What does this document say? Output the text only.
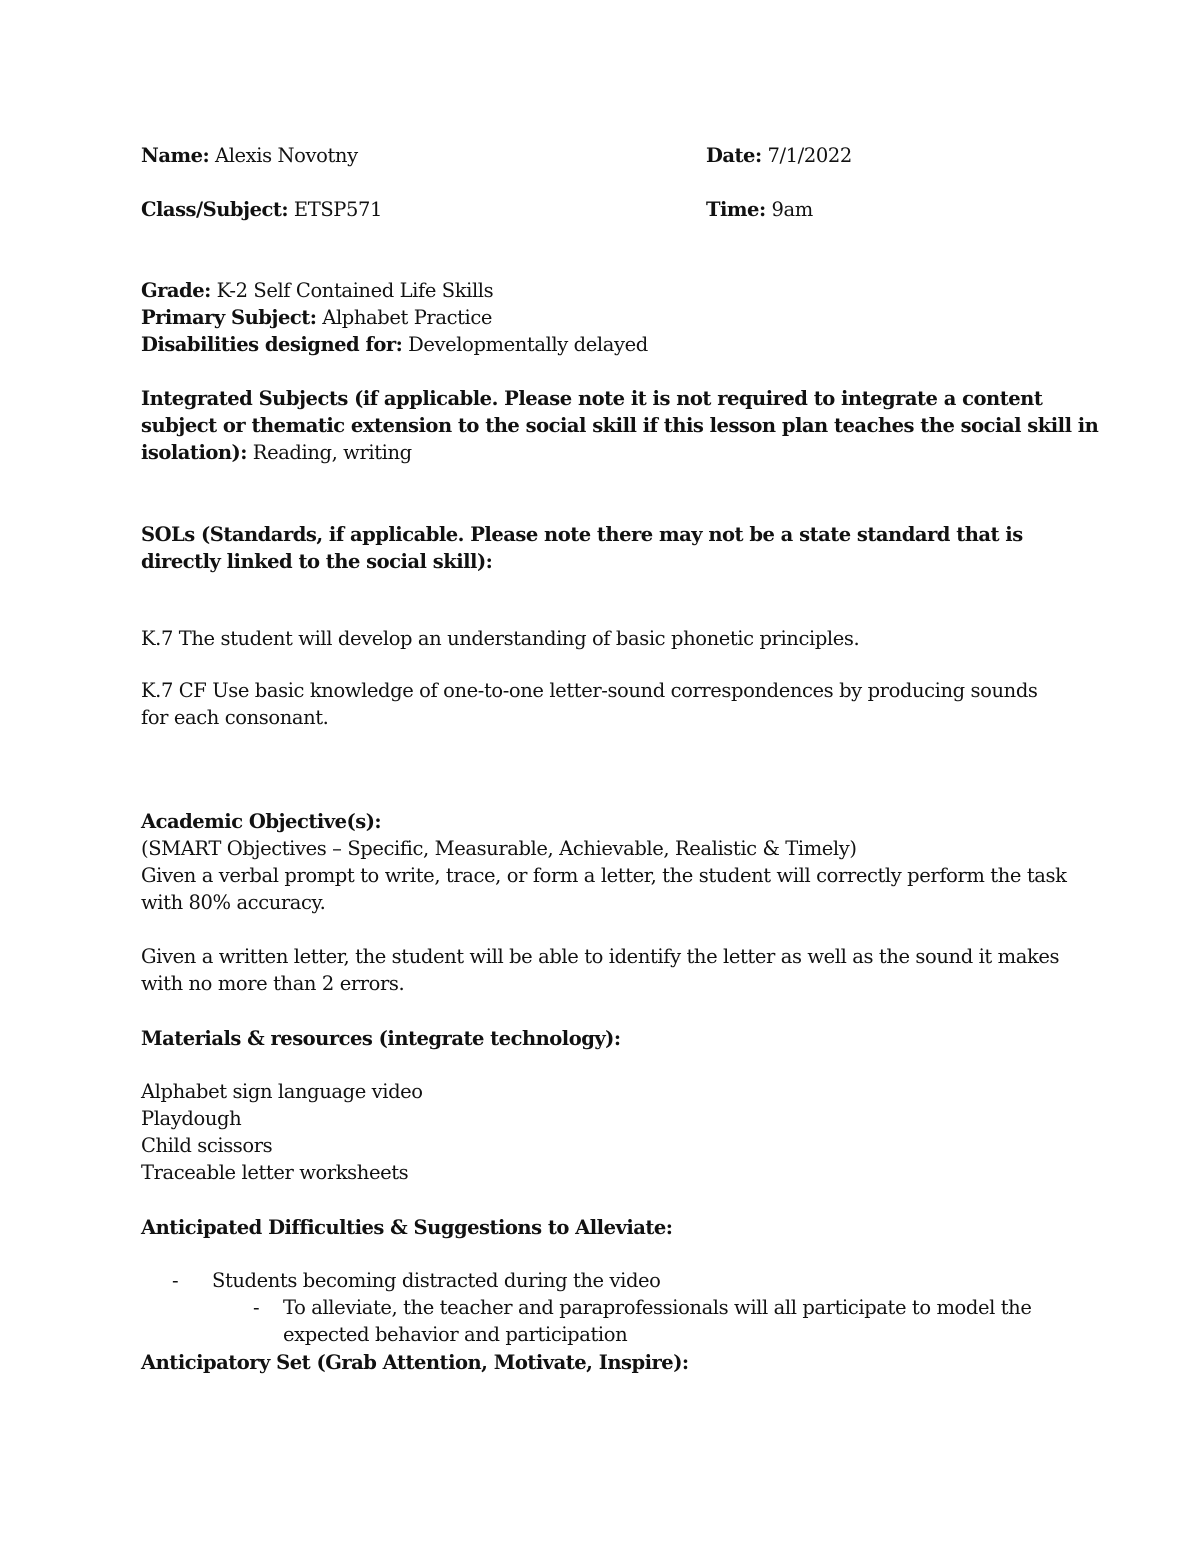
Name: Alexis Novotny	Date: 7/1/2022
Class/Subject: ETSP571	Time: 9am
Grade: K-2 Self Contained Life Skills
Primary Subject: Alphabet Practice
Disabilities designed for: Developmentally delayed
Integrated Subjects (if applicable. Please note it is not required to integrate a content
subject or thematic extension to the social skill if this lesson plan teaches the social skill in
isolation): Reading, writing
SOLs (Standards, if applicable. Please note there may not be a state standard that is
directly linked to the social skill):
K.7 The student will develop an understanding of basic phonetic principles.
K.7 CF Use basic knowledge of one-to-one letter-sound correspondences by producing sounds
for each consonant.
Academic Objective(s):
(SMART Objectives – Specific, Measurable, Achievable, Realistic & Timely)
Given a verbal prompt to write, trace, or form a letter, the student will correctly perform the task
with 80% accuracy.
Given a written letter, the student will be able to identify the letter as well as the sound it makes
with no more than 2 errors.
Materials & resources (integrate technology):
Alphabet sign language video
Playdough
Child scissors
Traceable letter worksheets
Anticipated Difficulties & Suggestions to Alleviate:
- Students becoming distracted during the video
- To alleviate, the teacher and paraprofessionals will all participate to model the
expected behavior and participation
Anticipatory Set (Grab Attention, Motivate, Inspire):
